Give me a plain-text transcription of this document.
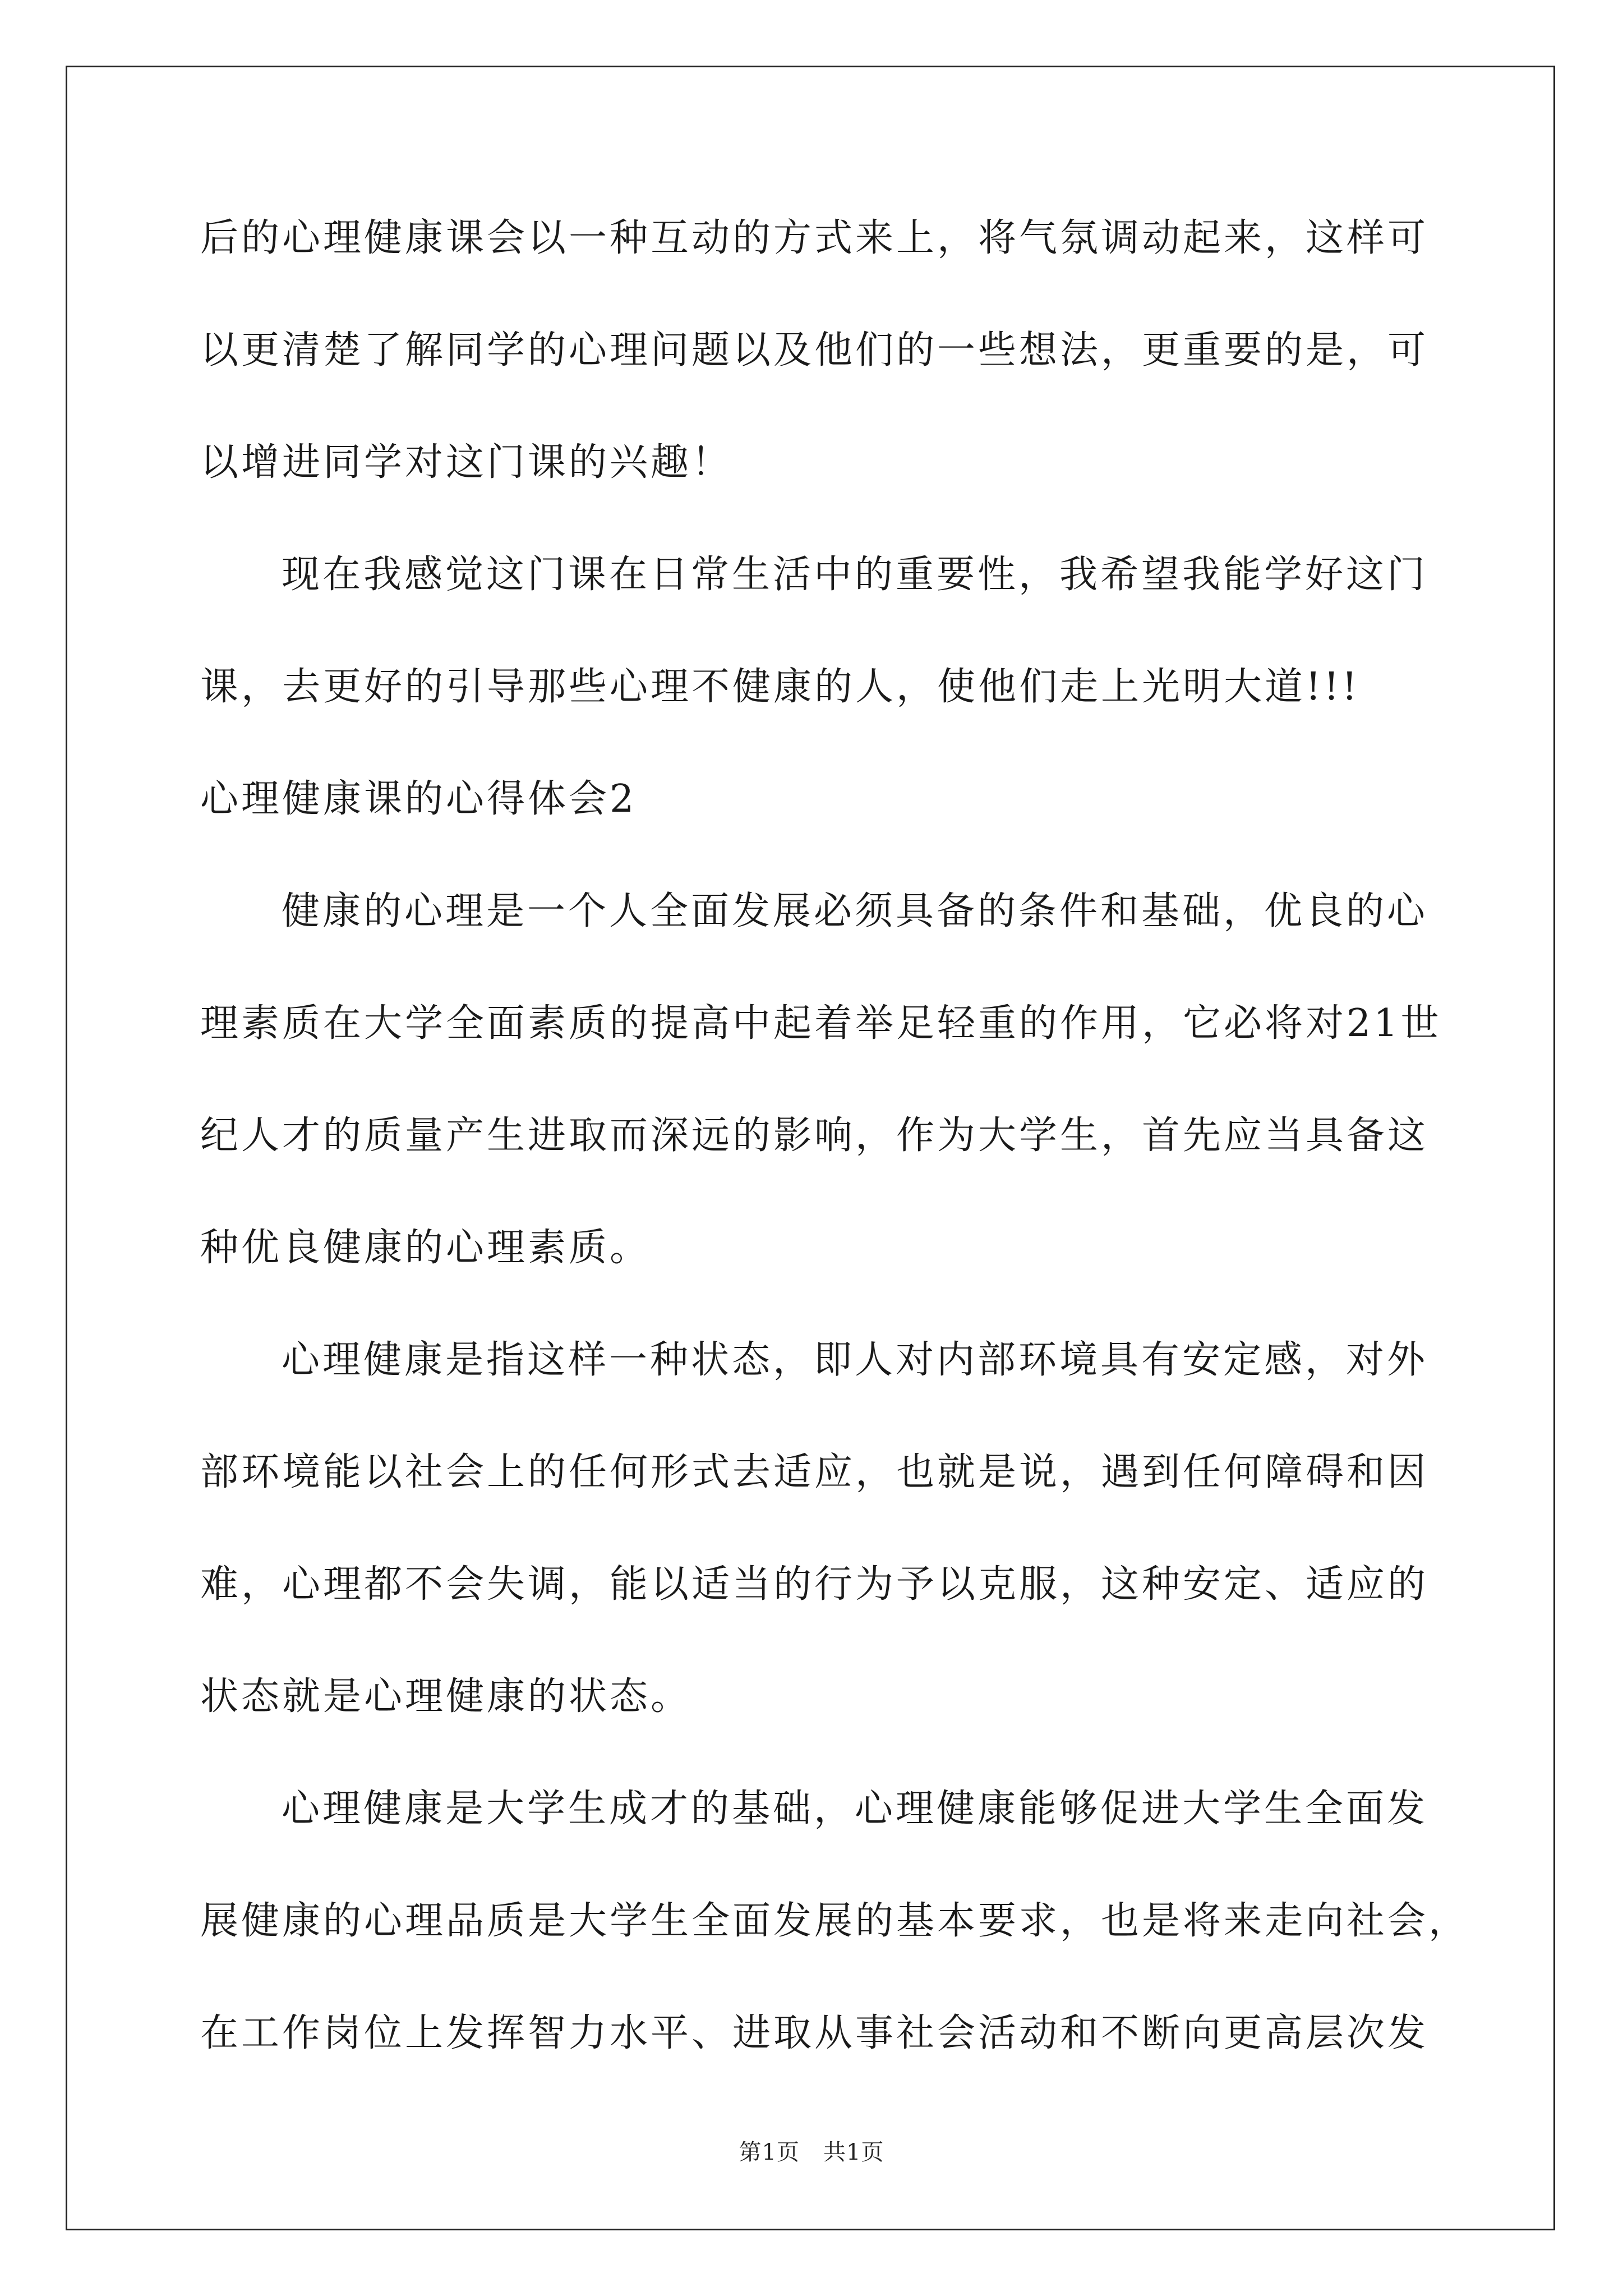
后的心理健康课会以一种互动的方式来上，将气氛调动起来，这样可
以更清楚了解同学的心理问题以及他们的一些想法，更重要的是，可
以增进同学对这门课的兴趣！
现在我感觉这门课在日常生活中的重要性，我希望我能学好这门
课，去更好的引导那些心理不健康的人，使他们走上光明大道!!!
心理健康课的心得体会2
健康的心理是一个人全面发展必须具备的条件和基础，优良的心
理素质在大学全面素质的提高中起着举足轻重的作用，它必将对21世
纪人才的质量产生进取而深远的影响，作为大学生，首先应当具备这
种优良健康的心理素质。
心理健康是指这样一种状态，即人对内部环境具有安定感，对外
部环境能以社会上的任何形式去适应，也就是说，遇到任何障碍和因
难，心理都不会失调，能以适当的行为予以克服，这种安定、适应的
状态就是心理健康的状态。
心理健康是大学生成才的基础，心理健康能够促进大学生全面发
展健康的心理品质是大学生全面发展的基本要求，也是将来走向社会，
在工作岗位上发挥智力水平、进取从事社会活动和不断向更高层次发
第1页 共1页
